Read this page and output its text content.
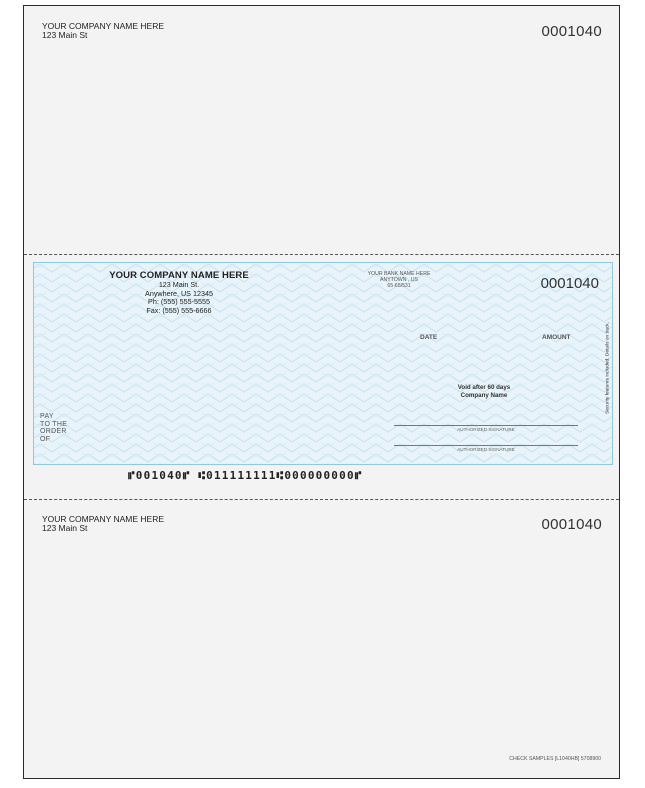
YOUR COMPANY NAME HERE
123 Main St	0001040
YOUR COMPANY NAME HERE
123 Main St.
Anywhere, US 12345
Ph: (555) 555-5555
Fax: (555) 555-6666
YOUR BANK NAME HERE
ANYTOWN , US
65-65/531	0001040
DATE	AMOUNT
Void after 60 days
Company Name
PAY
TO THE
ORDER
OF
AUTHORIZED SIGNATURE
AUTHORIZED SIGNATURE
Security features included. Details on back.
⑈001040⑈ ⑆011111111⑆000000000⑈
YOUR COMPANY NAME HERE
123 Main St	0001040
CHECK SAMPLES [L1040HB] 5708900
